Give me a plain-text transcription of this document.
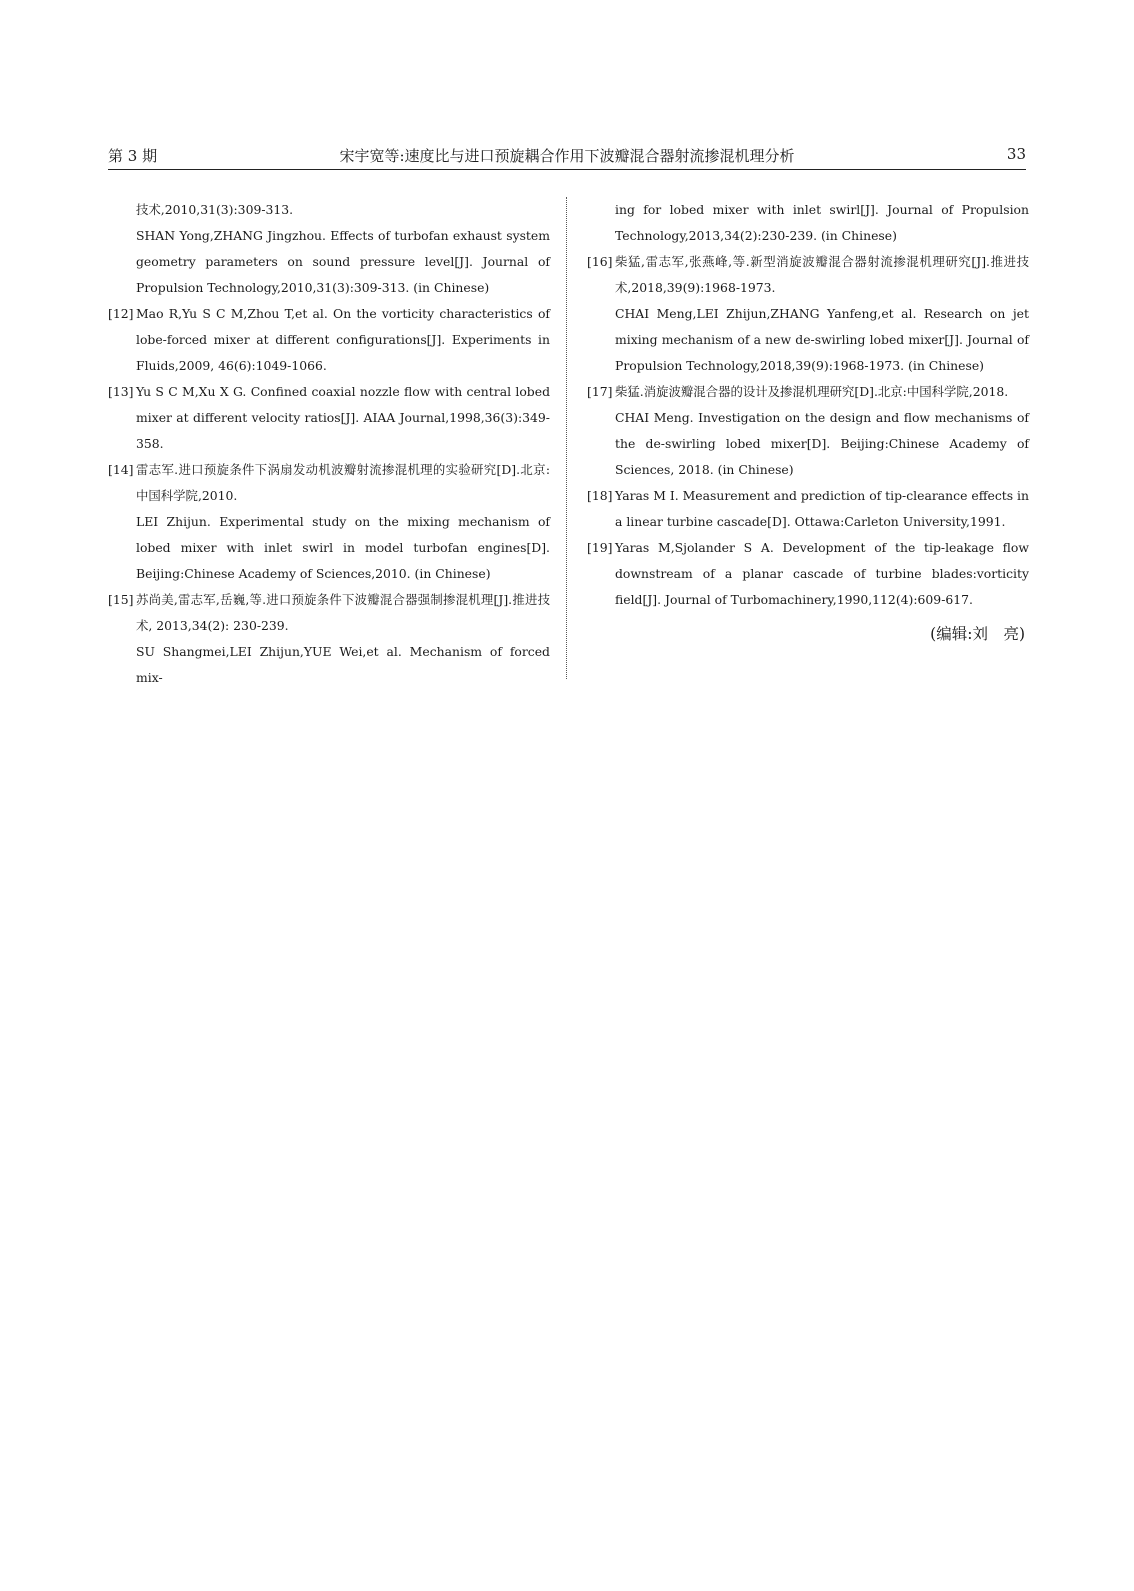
第 3 期	宋宇宽等:速度比与进口预旋耦合作用下波瓣混合器射流掺混机理分析	33
技术,2010,31(3):309-313.
SHAN Yong,ZHANG Jingzhou. Effects of turbofan exhaust system geometry parameters on sound pressure level[J]. Journal of Propulsion Technology,2010,31(3):309-313. (in Chinese)
[12] Mao R,Yu S C M,Zhou T,et al. On the vorticity characteristics of lobe-forced mixer at different configurations[J]. Experiments in Fluids,2009, 46(6):1049-1066.
[13] Yu S C M,Xu X G. Confined coaxial nozzle flow with central lobed mixer at different velocity ratios[J]. AIAA Journal,1998,36(3):349-358.
[14] 雷志军.进口预旋条件下涡扇发动机波瓣射流掺混机理的实验研究[D].北京:中国科学院,2010.
LEI Zhijun. Experimental study on the mixing mechanism of lobed mixer with inlet swirl in model turbofan engines[D]. Beijing:Chinese Academy of Sciences,2010. (in Chinese)
[15] 苏尚美,雷志军,岳巍,等.进口预旋条件下波瓣混合器强制掺混机理[J].推进技术, 2013,34(2): 230-239.
SU Shangmei,LEI Zhijun,YUE Wei,et al. Mechanism of forced mix-
ing for lobed mixer with inlet swirl[J]. Journal of Propulsion Technology,2013,34(2):230-239. (in Chinese)
[16] 柴猛,雷志军,张燕峰,等.新型消旋波瓣混合器射流掺混机理研究[J].推进技术,2018,39(9):1968-1973.
CHAI Meng,LEI Zhijun,ZHANG Yanfeng,et al. Research on jet mixing mechanism of a new de-swirling lobed mixer[J]. Journal of Propulsion Technology,2018,39(9):1968-1973. (in Chinese)
[17] 柴猛.消旋波瓣混合器的设计及掺混机理研究[D].北京:中国科学院,2018.
CHAI Meng. Investigation on the design and flow mechanisms of the de-swirling lobed mixer[D]. Beijing:Chinese Academy of Sciences, 2018. (in Chinese)
[18] Yaras M I. Measurement and prediction of tip-clearance effects in a linear turbine cascade[D]. Ottawa:Carleton University,1991.
[19] Yaras M,Sjolander S A. Development of the tip-leakage flow downstream of a planar cascade of turbine blades:vorticity field[J]. Journal of Turbomachinery,1990,112(4):609-617.
(编辑:刘　亮)
